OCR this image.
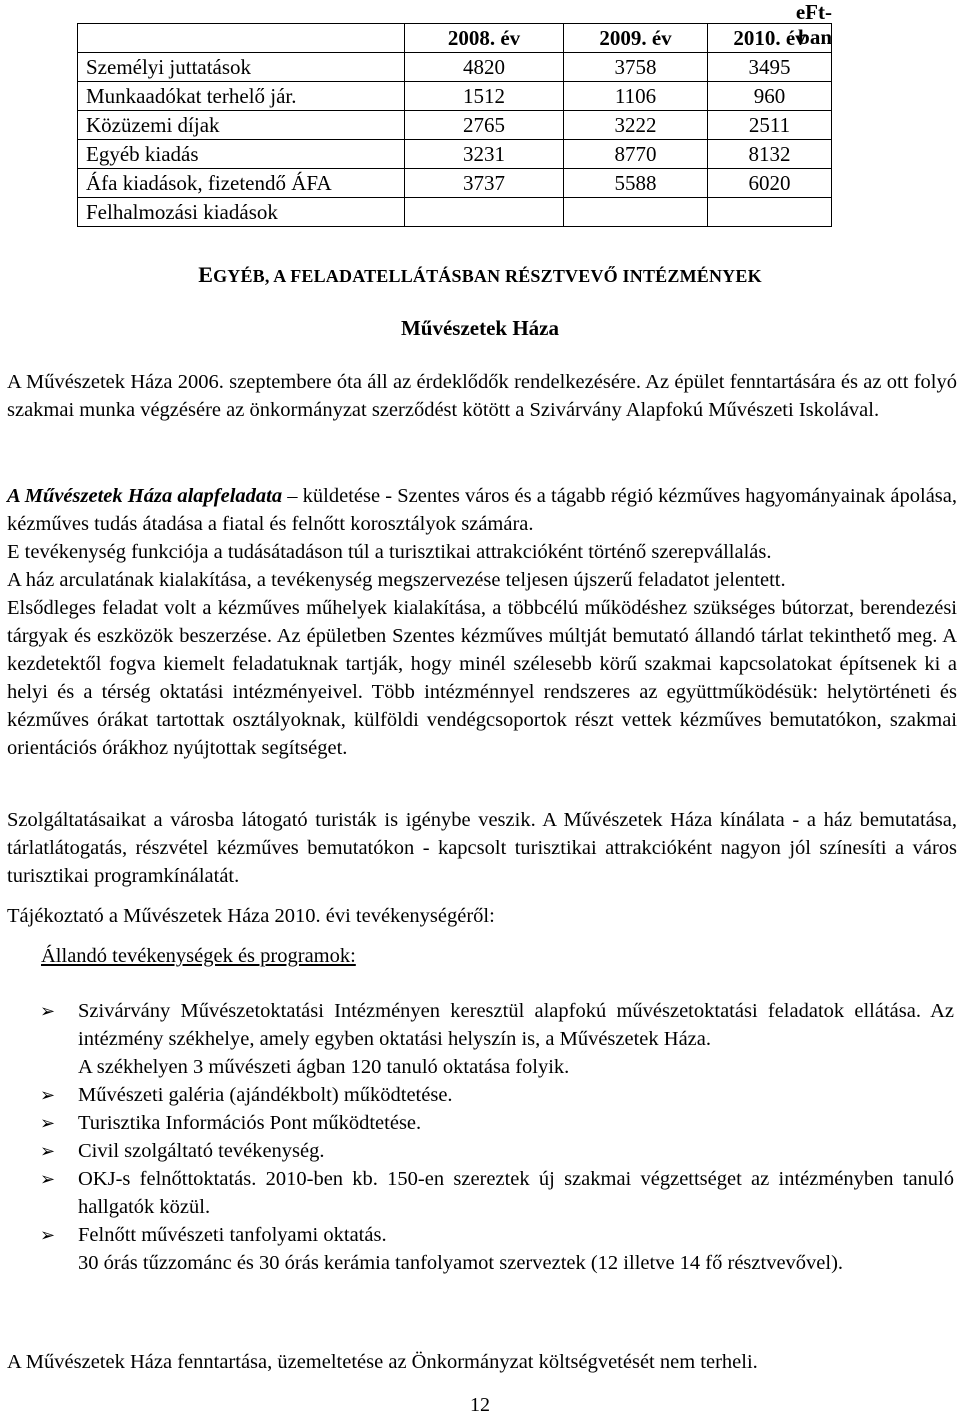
eFt-ban
	2008. év	2009. év	2010. év
Személyi juttatások	4820	3758	3495
Munkaadókat terhelő jár.	1512	1106	960
Közüzemi díjak	2765	3222	2511
Egyéb kiadás	3231	8770	8132
Áfa kiadások, fizetendő ÁFA	3737	5588	6020
Felhalmozási kiadások			
EGYÉB, A FELADATELLÁTÁSBAN RÉSZTVEVŐ INTÉZMÉNYEK
Művészetek Háza
A Művészetek Háza 2006. szeptembere óta áll az érdeklődők rendelkezésére. Az épület fenntartására és az ott folyó szakmai munka végzésére az önkormányzat szerződést kötött a Szivárvány Alapfokú Művészeti Iskolával.
A Művészetek Háza alapfeladata – küldetése - Szentes város és a tágabb régió kézműves hagyományainak ápolása, kézműves tudás átadása a fiatal és felnőtt korosztályok számára.
E tevékenység funkciója a tudásátadáson túl a turisztikai attrakcióként történő szerepvállalás.
A ház arculatának kialakítása, a tevékenység megszervezése teljesen újszerű feladatot jelentett.
Elsődleges feladat volt a kézműves műhelyek kialakítása, a többcélú működéshez szükséges bútorzat, berendezési tárgyak és eszközök beszerzése. Az épületben Szentes kézműves múltját bemutató állandó tárlat tekinthető meg. A kezdetektől fogva kiemelt feladatuknak tartják, hogy minél szélesebb körű szakmai kapcsolatokat építsenek ki a helyi és a térség oktatási intézményeivel. Több intézménnyel rendszeres az együttműködésük: helytörténeti és kézműves órákat tartottak osztályoknak, külföldi vendégcsoportok részt vettek kézműves bemutatókon, szakmai orientációs órákhoz nyújtottak segítséget.
Szolgáltatásaikat a városba látogató turisták is igénybe veszik. A Művészetek Háza kínálata - a ház bemutatása, tárlatlátogatás, részvétel kézműves bemutatókon - kapcsolt turisztikai attrakcióként nagyon jól színesíti a város turisztikai programkínálatát.
Tájékoztató a Művészetek Háza 2010. évi tevékenységéről:
Állandó tevékenységek és programok:
➢ Szivárvány Művészetoktatási Intézményen keresztül alapfokú művészetoktatási feladatok ellátása. Az intézmény székhelye, amely egyben oktatási helyszín is, a Művészetek Háza.
A székhelyen 3 művészeti ágban 120 tanuló oktatása folyik.
➢ Művészeti galéria (ajándékbolt) működtetése.
➢ Turisztika Információs Pont működtetése.
➢ Civil szolgáltató tevékenység.
➢ OKJ-s felnőttoktatás. 2010-ben kb. 150-en szereztek új szakmai végzettséget az intézményben tanuló hallgatók közül.
➢ Felnőtt művészeti tanfolyami oktatás.
30 órás tűzzománc és 30 órás kerámia tanfolyamot szerveztek (12 illetve 14 fő résztvevővel).
A Művészetek Háza fenntartása, üzemeltetése az Önkormányzat költségvetését nem terheli.
12
